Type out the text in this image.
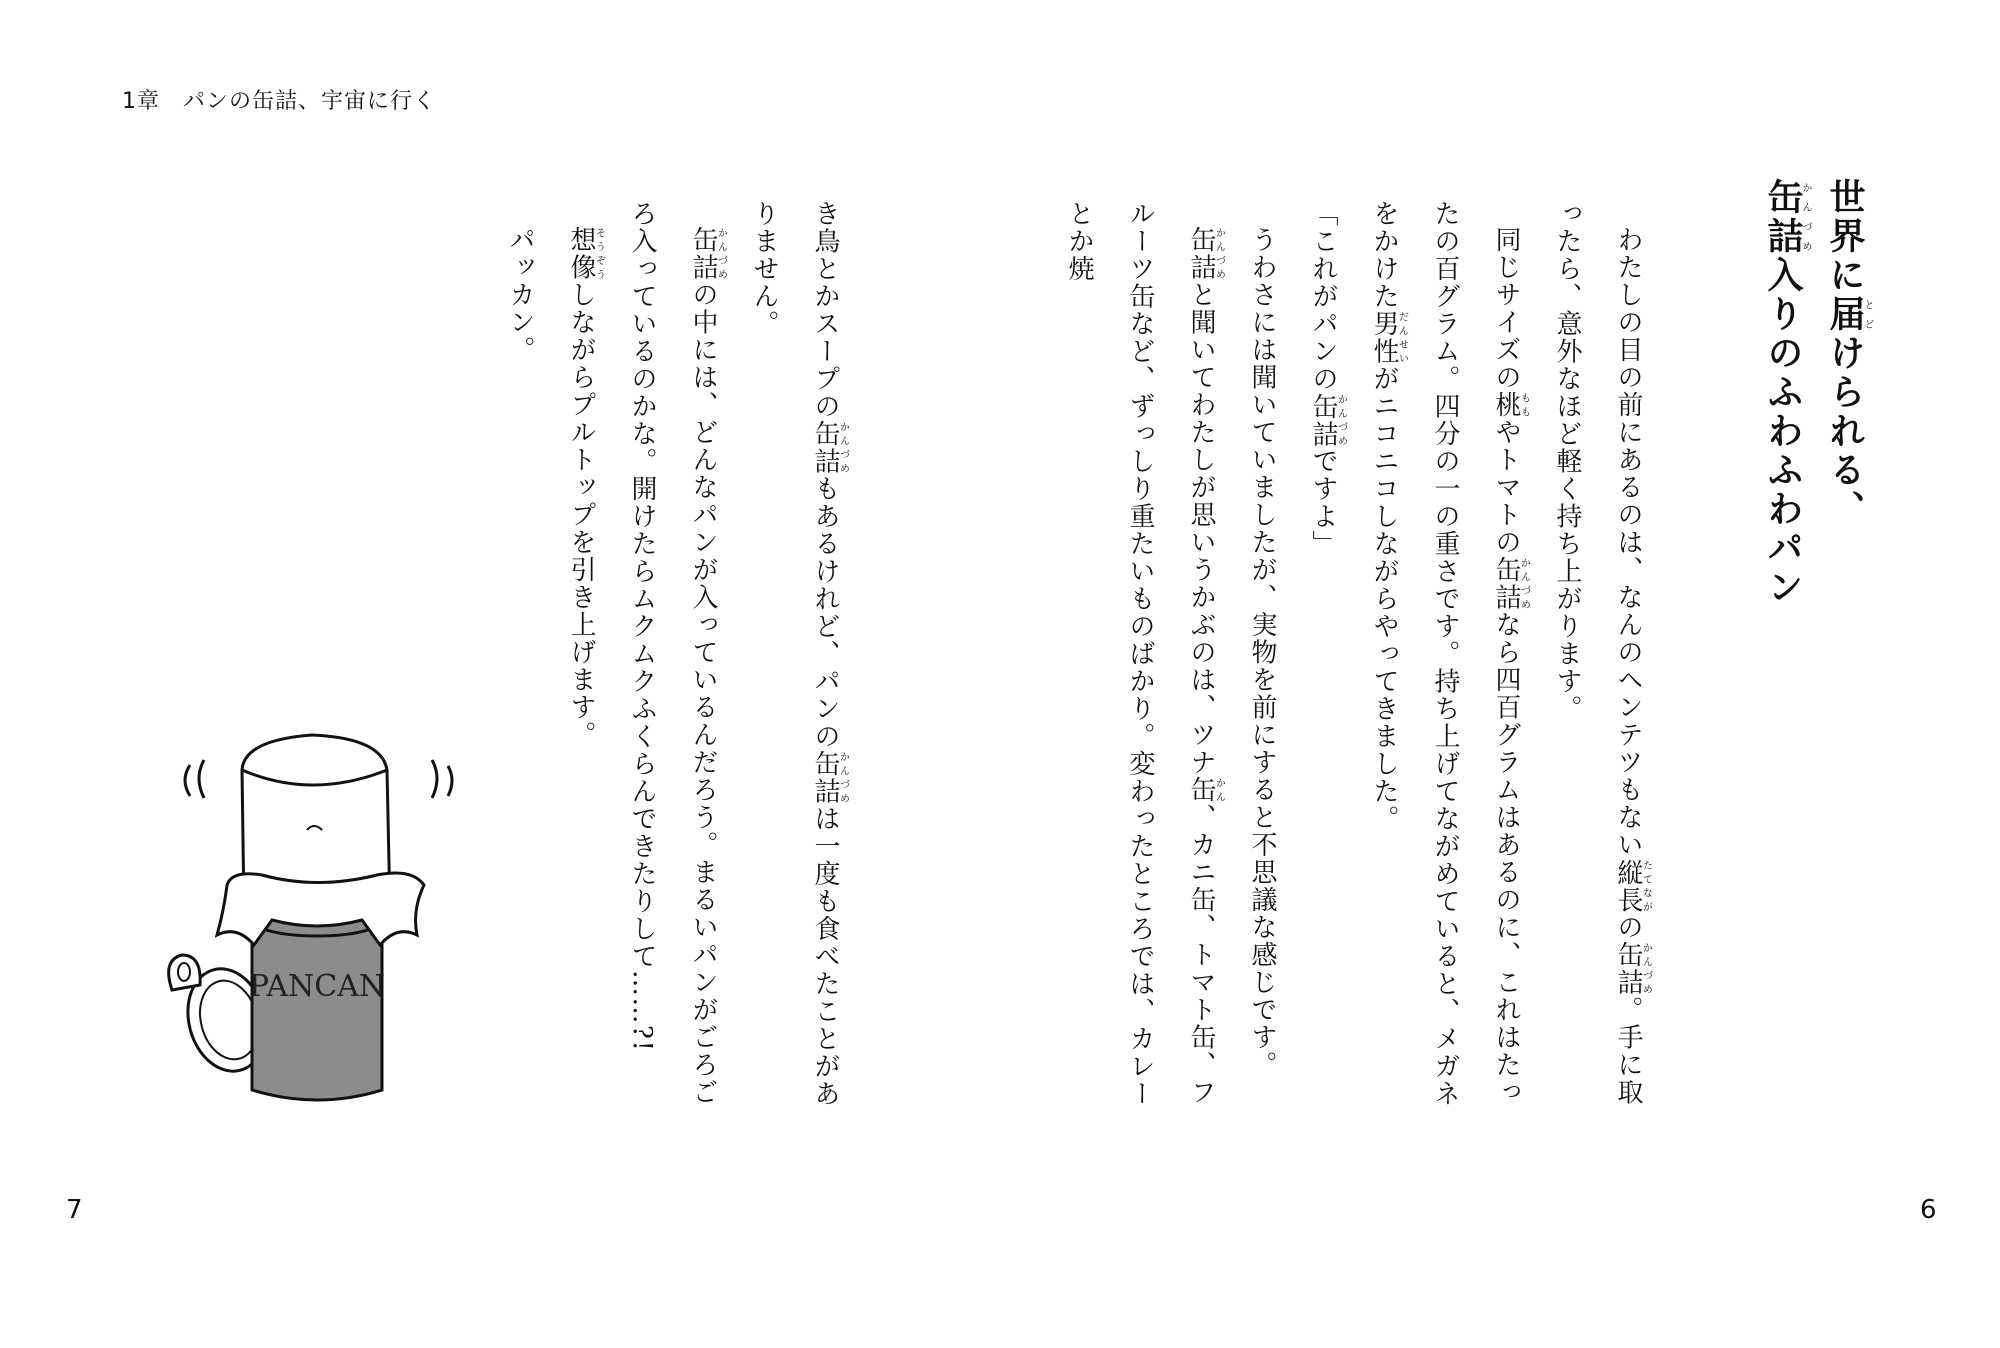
1章　パンの缶詰、宇宙に行く
世界に届とどけられる、
缶詰かんづめ入りのふわふわパン

わたしの目の前にあるのは、なんのヘンテツもない縦長たてながの缶詰かんづめ。手に取ったら、意外なほど軽く持ち上がります。

同じサイズの桃ももやトマトの缶詰かんづめなら四百グラムはあるのに、これはたったの百グラム。四分の一の重さです。持ち上げてながめていると、メガネをかけた男性だんせいがニコニコしながらやってきました。

「これがパンの缶詰かんづめですよ」

うわさには聞いていましたが、実物を前にすると不思議な感じです。

缶詰かんづめと聞いてわたしが思いうかぶのは、ツナ缶かん、カニ缶、トマト缶、フルーツ缶など、ずっしり重たいものばかり。変わったところでは、カレーとか焼

き鳥とかスープの缶詰かんづめもあるけれど、パンの缶詰かんづめは一度も食べたことがありません。

缶詰かんづめの中には、どんなパンが入っているんだろう。まるいパンがごろごろ入っているのかな。開けたらムクムクふくらんできたりして……?!

想像そうぞうしながらプルトップを引き上げます。

パッカン。

PANCAN
7	6
